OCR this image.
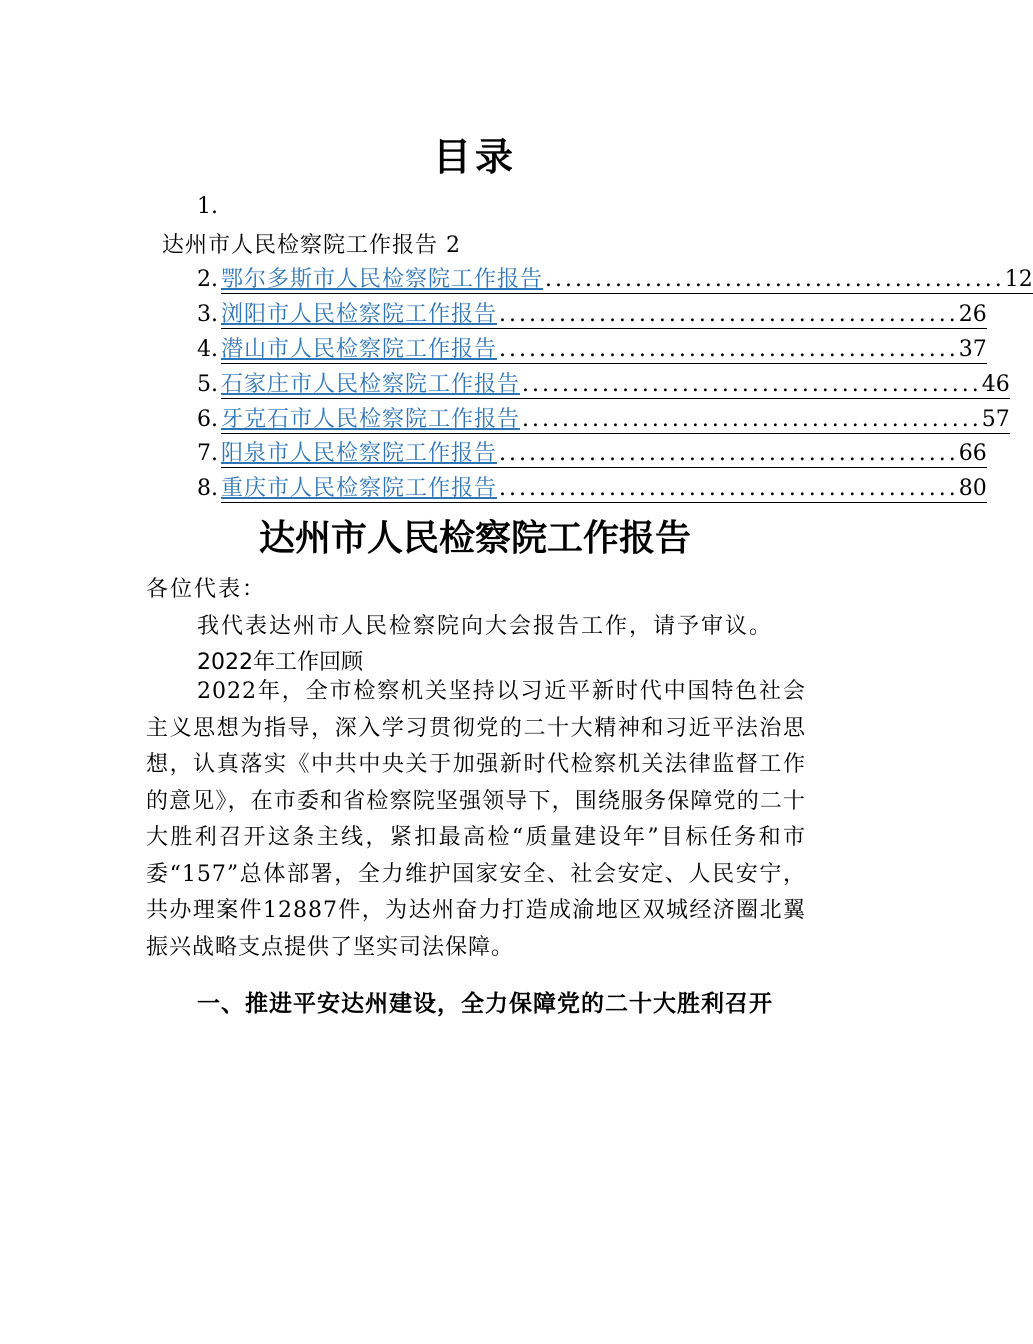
目录
1.
达州市人民检察院工作报告 2
2. 鄂尔多斯市人民检察院工作报告 .............................................. 12
3. 浏阳市人民检察院工作报告 .............................................. 26
4. 潜山市人民检察院工作报告 .............................................. 37
5. 石家庄市人民检察院工作报告 .............................................. 46
6. 牙克石市人民检察院工作报告 .............................................. 57
7. 阳泉市人民检察院工作报告 .............................................. 66
8. 重庆市人民检察院工作报告 .............................................. 80
达州市人民检察院工作报告
各位代表：
我代表达州市人民检察院向大会报告工作，请予审议。
2022年工作回顾
2022年，全市检察机关坚持以习近平新时代中国特色社会主义思想为指导，深入学习贯彻党的二十大精神和习近平法治思想，认真落实《中共中央关于加强新时代检察机关法律监督工作的意见》，在市委和省检察院坚强领导下，围绕服务保障党的二十大胜利召开这条主线，紧扣最高检“质量建设年”目标任务和市委“157”总体部署，全力维护国家安全、社会安定、人民安宁，共办理案件12887件，为达州奋力打造成渝地区双城经济圈北翼振兴战略支点提供了坚实司法保障。
一、推进平安达州建设，全力保障党的二十大胜利召开
